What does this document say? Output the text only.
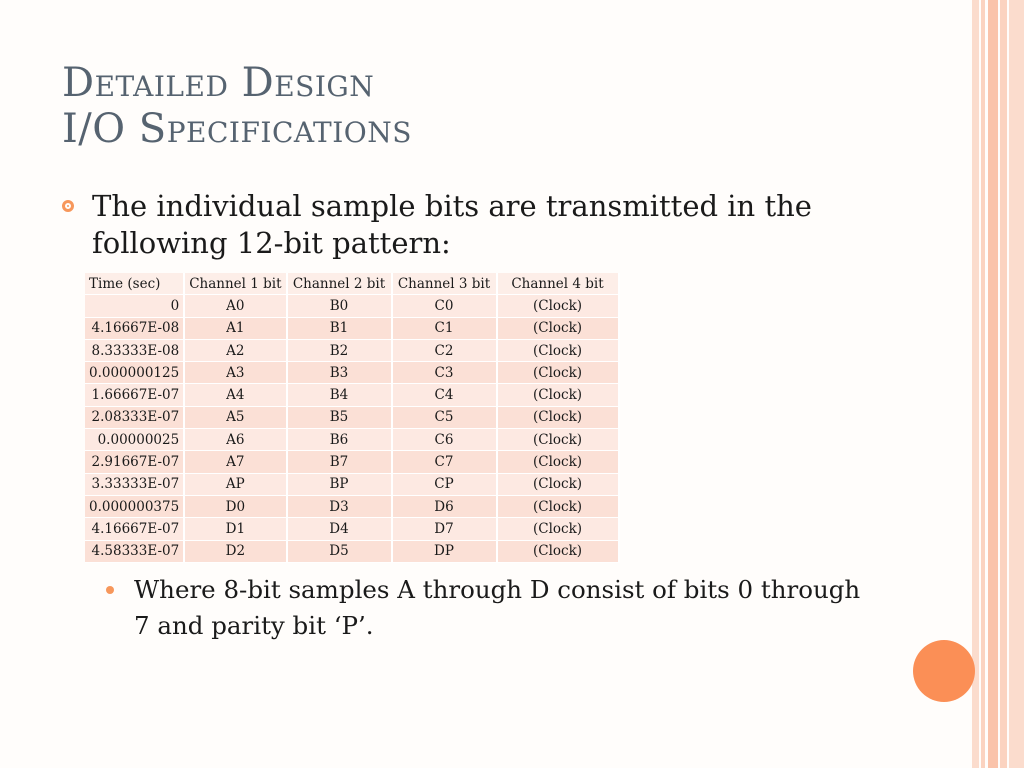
Detailed Design
I/O Specifications
The individual sample bits are transmitted in the following 12-bit pattern:
Time (sec)	Channel 1 bit	Channel 2 bit	Channel 3 bit	Channel 4 bit
0	A0	B0	C0	(Clock)
4.16667E-08	A1	B1	C1	(Clock)
8.33333E-08	A2	B2	C2	(Clock)
0.000000125	A3	B3	C3	(Clock)
1.66667E-07	A4	B4	C4	(Clock)
2.08333E-07	A5	B5	C5	(Clock)
0.00000025	A6	B6	C6	(Clock)
2.91667E-07	A7	B7	C7	(Clock)
3.33333E-07	AP	BP	CP	(Clock)
0.000000375	D0	D3	D6	(Clock)
4.16667E-07	D1	D4	D7	(Clock)
4.58333E-07	D2	D5	DP	(Clock)
Where 8-bit samples A through D consist of bits 0 through 7 and parity bit ‘P’.
